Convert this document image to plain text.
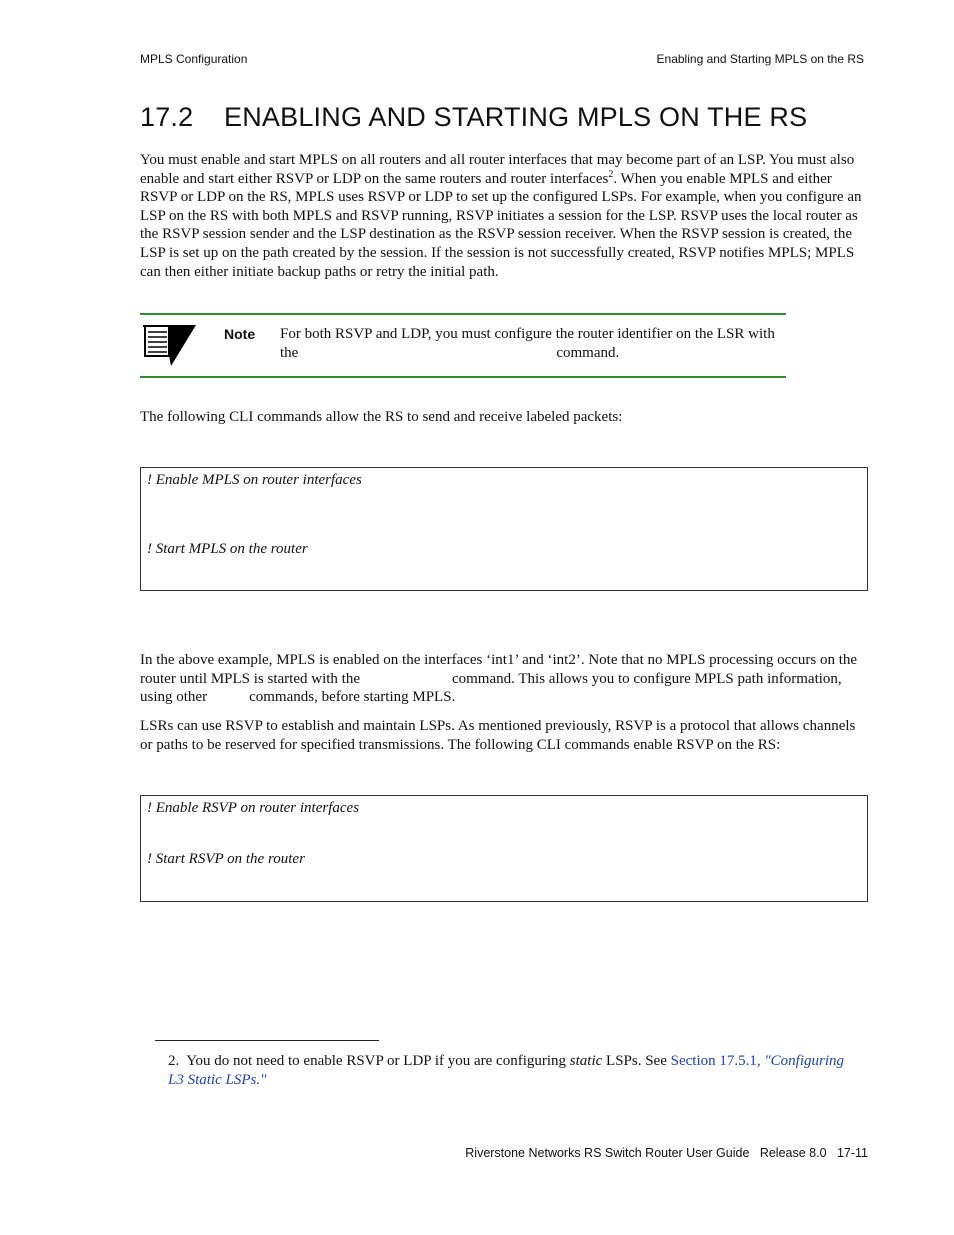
MPLS Configuration	Enabling and Starting MPLS on the RS
17.2 ENABLING AND STARTING MPLS ON THE RS

You must enable and start MPLS on all routers and all router interfaces that may become part of an LSP. You must also enable and start either RSVP or LDP on the same routers and router interfaces$^2$. When you enable MPLS and either RSVP or LDP on the RS, MPLS uses RSVP or LDP to set up the configured LSPs. For example, when you configure an LSP on the RS with both MPLS and RSVP running, RSVP initiates a session for the LSP. RSVP uses the local router as the RSVP session sender and the LSP destination as the RSVP session receiver. When the RSVP session is created, the LSP is set up on the path created by the session. If the session is not successfully created, RSVP notifies MPLS; MPLS can then either initiate backup paths or retry the initial path.

Note For both RSVP and LDP, you must configure the router identifier on the LSR with the	command.

The following CLI commands allow the RS to send and receive labeled packets:

! Enable MPLS on router interfaces
! Start MPLS on the router

In the above example, MPLS is enabled on the interfaces ‘int1’ and ‘int2’. Note that no MPLS processing occurs on the router until MPLS is started with the	command. This allows you to configure MPLS path information, using other	commands, before starting MPLS.

LSRs can use RSVP to establish and maintain LSPs. As mentioned previously, RSVP is a protocol that allows channels or paths to be reserved for specified transmissions. The following CLI commands enable RSVP on the RS:

! Enable RSVP on router interfaces
! Start RSVP on the router
2. You do not need to enable RSVP or LDP if you are configuring static LSPs. See Section 17.5.1, "Configuring L3 Static LSPs."
Riverstone Networks RS Switch Router User Guide Release 8.0 17-11
